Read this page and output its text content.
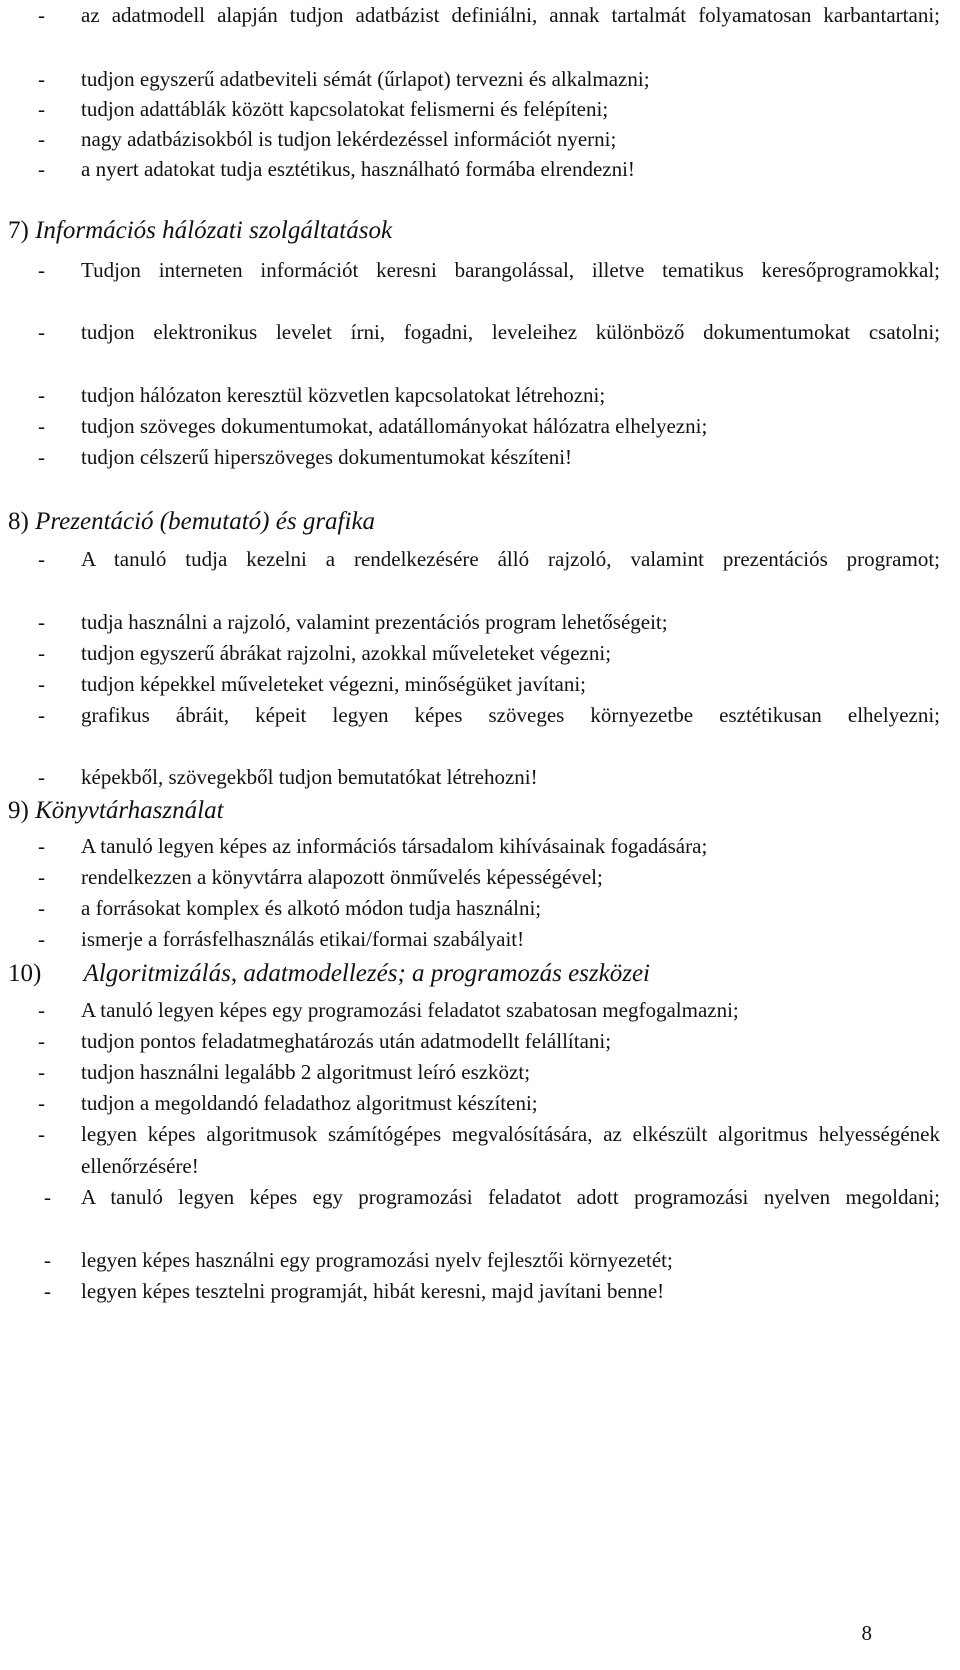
- az adatmodell alapján tudjon adatbázist definiálni, annak tartalmát folyamatosan karbantartani;
- tudjon egyszerű adatbeviteli sémát (űrlapot) tervezni és alkalmazni;
- tudjon adattáblák között kapcsolatokat felismerni és felépíteni;
- nagy adatbázisokból is tudjon lekérdezéssel információt nyerni;
- a nyert adatokat tudja esztétikus, használható formába elrendezni!
7) Információs hálózati szolgáltatások
- Tudjon interneten információt keresni barangolással, illetve tematikus keresőprogramokkal;
- tudjon elektronikus levelet írni, fogadni, leveleihez különböző dokumentumokat csatolni;
- tudjon hálózaton keresztül közvetlen kapcsolatokat létrehozni;
- tudjon szöveges dokumentumokat, adatállományokat hálózatra elhelyezni;
- tudjon célszerű hiperszöveges dokumentumokat készíteni!
8) Prezentáció (bemutató) és grafika
- A tanuló tudja kezelni a rendelkezésére álló rajzoló, valamint prezentációs programot;
- tudja használni a rajzoló, valamint prezentációs program lehetőségeit;
- tudjon egyszerű ábrákat rajzolni, azokkal műveleteket végezni;
- tudjon képekkel műveleteket végezni, minőségüket javítani;
- grafikus ábráit, képeit legyen képes szöveges környezetbe esztétikusan elhelyezni;
- képekből, szövegekből tudjon bemutatókat létrehozni!
9) Könyvtárhasználat
- A tanuló legyen képes az információs társadalom kihívásainak fogadására;
- rendelkezzen a könyvtárra alapozott önművelés képességével;
- a forrásokat komplex és alkotó módon tudja használni;
- ismerje a forrásfelhasználás etikai/formai szabályait!
10) Algoritmizálás, adatmodellezés; a programozás eszközei
- A tanuló legyen képes egy programozási feladatot szabatosan megfogalmazni;
- tudjon pontos feladatmeghatározás után adatmodellt felállítani;
- tudjon használni legalább 2 algoritmust leíró eszközt;
- tudjon a megoldandó feladathoz algoritmust készíteni;
- legyen képes algoritmusok számítógépes megvalósítására, az elkészült algoritmus helyességének ellenőrzésére!
- A tanuló legyen képes egy programozási feladatot adott programozási nyelven megoldani;
- legyen képes használni egy programozási nyelv fejlesztői környezetét;
- legyen képes tesztelni programját, hibát keresni, majd javítani benne!
8
